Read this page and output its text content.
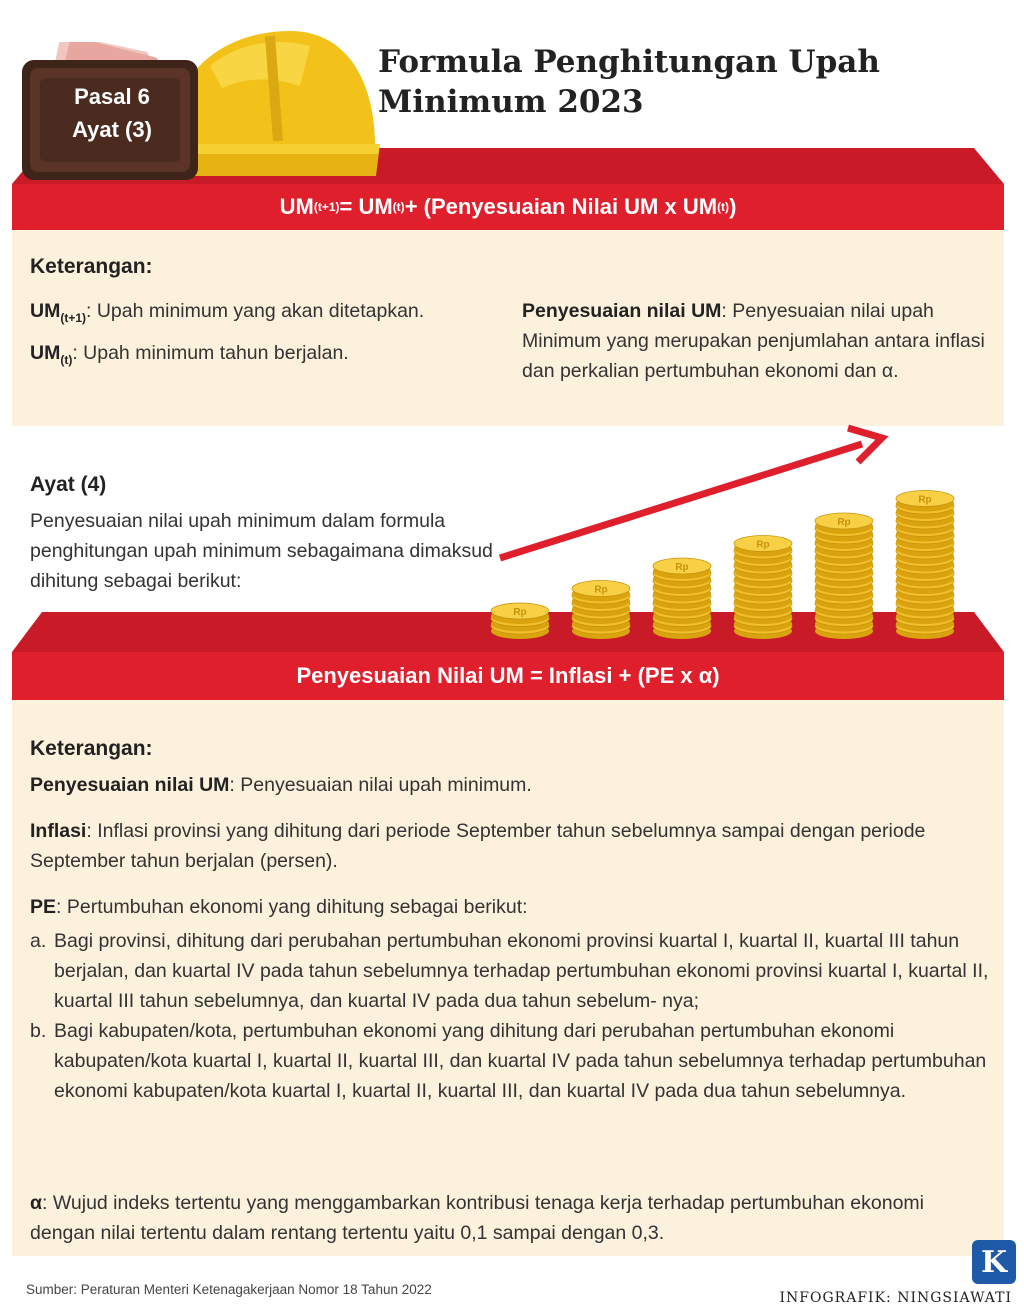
UM (t+1) = UM (t) + (Penyesuaian Nilai UM x UM (t) )
Penyesuaian Nilai UM = Inflasi + (PE x α)
Pasal 6
Ayat (3)
Formula Penghitungan Upah Minimum 2023
Keterangan:
$UM_{(t+1)}$: Upah minimum yang akan ditetapkan.
$UM_{(t)}$: Upah minimum tahun berjalan.
Penyesuaian nilai UM: Penyesuaian nilai upah Minimum yang merupakan penjumlahan antara inflasi dan perkalian pertumbuhan ekonomi dan α.
Ayat (4)
Penyesuaian nilai upah minimum dalam formula penghitungan upah minimum sebagaimana dimaksud dihitung sebagai berikut:
Rp
Rp
Rp
Rp
Rp
Rp
Keterangan:
Penyesuaian nilai UM: Penyesuaian nilai upah minimum.
Inflasi: Inflasi provinsi yang dihitung dari periode September tahun sebelumnya sampai dengan periode September tahun berjalan (persen).
PE: Pertumbuhan ekonomi yang dihitung sebagai berikut:
a. Bagi provinsi, dihitung dari perubahan pertumbuhan ekonomi provinsi kuartal I, kuartal II, kuartal III tahun berjalan, dan kuartal IV pada tahun sebelumnya terhadap pertumbuhan ekonomi provinsi kuartal I, kuartal II, kuartal III tahun sebelumnya, dan kuartal IV pada dua tahun sebelum- nya;
b. Bagi kabupaten/kota, pertumbuhan ekonomi yang dihitung dari perubahan pertumbuhan ekonomi kabupaten/kota kuartal I, kuartal II, kuartal III, dan kuartal IV pada tahun sebelumnya terhadap pertumbuhan ekonomi kabupaten/kota kuartal I, kuartal II, kuartal III, dan kuartal IV pada dua tahun sebelumnya.
α: Wujud indeks tertentu yang menggambarkan kontribusi tenaga kerja terhadap pertumbuhan ekonomi dengan nilai tertentu dalam rentang tertentu yaitu 0,1 sampai dengan 0,3.
K
Sumber: Peraturan Menteri Ketenagakerjaan Nomor 18 Tahun 2022
INFOGRAFIK: NINGSIAWATI
